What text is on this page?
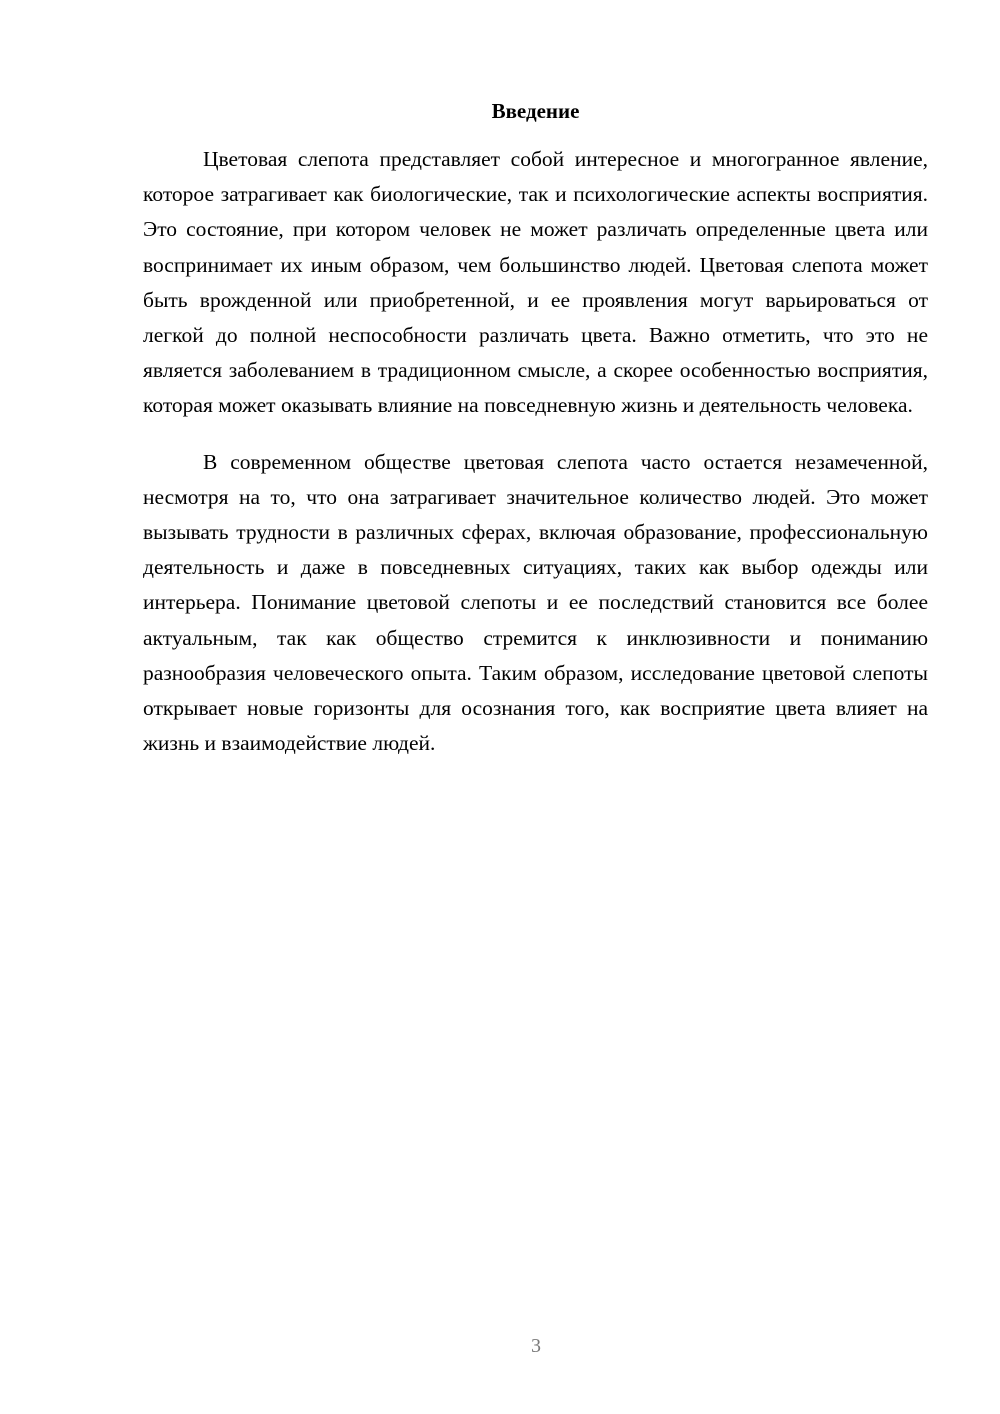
Введение

Цветовая слепота представляет собой интересное и многогранное явление, которое затрагивает как биологические, так и психологические аспекты восприятия. Это состояние, при котором человек не может различать определенные цвета или воспринимает их иным образом, чем большинство людей. Цветовая слепота может быть врожденной или приобретенной, и ее проявления могут варьироваться от легкой до полной неспособности различать цвета. Важно отметить, что это не является заболеванием в традиционном смысле, а скорее особенностью восприятия, которая может оказывать влияние на повседневную жизнь и деятельность человека.

В современном обществе цветовая слепота часто остается незамеченной, несмотря на то, что она затрагивает значительное количество людей. Это может вызывать трудности в различных сферах, включая образование, профессиональную деятельность и даже в повседневных ситуациях, таких как выбор одежды или интерьера. Понимание цветовой слепоты и ее последствий становится все более актуальным, так как общество стремится к инклюзивности и пониманию разнообразия человеческого опыта. Таким образом, исследование цветовой слепоты открывает новые горизонты для осознания того, как восприятие цвета влияет на жизнь и взаимодействие людей.

3
